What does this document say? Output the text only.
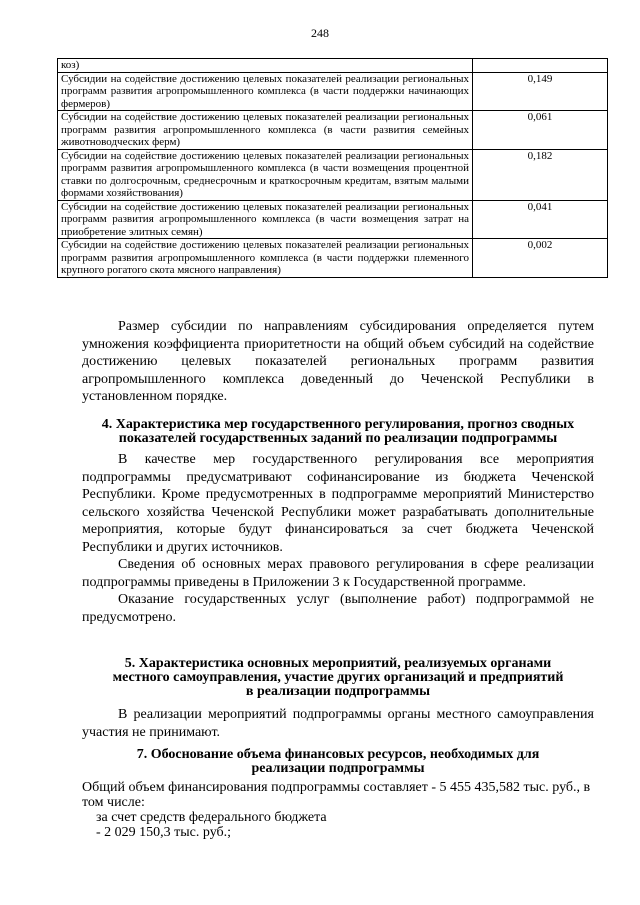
248
коз)	
Субсидии на содействие достижению целевых показателей реализации региональных программ развития агропромышленного комплекса (в части поддержки начинающих фермеров)	0,149
Субсидии на содействие достижению целевых показателей реализации региональных программ развития агропромышленного комплекса (в части развития семейных животноводческих ферм)	0,061
Субсидии на содействие достижению целевых показателей реализации региональных программ развития агропромышленного комплекса (в части возмещения процентной ставки по долгосрочным, среднесрочным и краткосрочным кредитам, взятым малыми формами хозяйствования)	0,182
Субсидии на содействие достижению целевых показателей реализации региональных программ развития агропромышленного комплекса (в части возмещения затрат на приобретение элитных семян)	0,041
Субсидии на содействие достижению целевых показателей реализации региональных программ развития агропромышленного комплекса (в части поддержки племенного крупного рогатого скота мясного направления)	0,002

Размер субсидии по направлениям субсидирования определяется путем умножения коэффициента приоритетности на общий объем субсидий на содействие достижению целевых показателей региональных программ развития агропромышленного комплекса доведенный до Чеченской Республики в установленном порядке.

4. Характеристика мер государственного регулирования, прогноз сводных

показателей государственных заданий по реализации подпрограммы

В качестве мер государственного регулирования все мероприятия подпрограммы предусматривают софинансирование из бюджета Чеченской Республики. Кроме предусмотренных в подпрограмме мероприятий Министерство сельского хозяйства Чеченской Республики может разрабатывать дополнительные мероприятия, которые будут финансироваться за счет бюджета Чеченской Республики и других источников.

Сведения об основных мерах правового регулирования в сфере реализации подпрограммы приведены в Приложении 3 к Государственной программе.

Оказание государственных услуг (выполнение работ) подпрограммой не предусмотрено.

5. Характеристика основных мероприятий, реализуемых органами

местного самоуправления, участие других организаций и предприятий

в реализации подпрограммы

В реализации мероприятий подпрограммы органы местного самоуправления участия не принимают.

7. Обоснование объема финансовых ресурсов, необходимых для

реализации подпрограммы

Общий объем финансирования подпрограммы составляет - 5 455 435,582 тыс. руб., в том числе:

за счет средств федерального бюджета

- 2 029 150,3 тыс. руб.;
